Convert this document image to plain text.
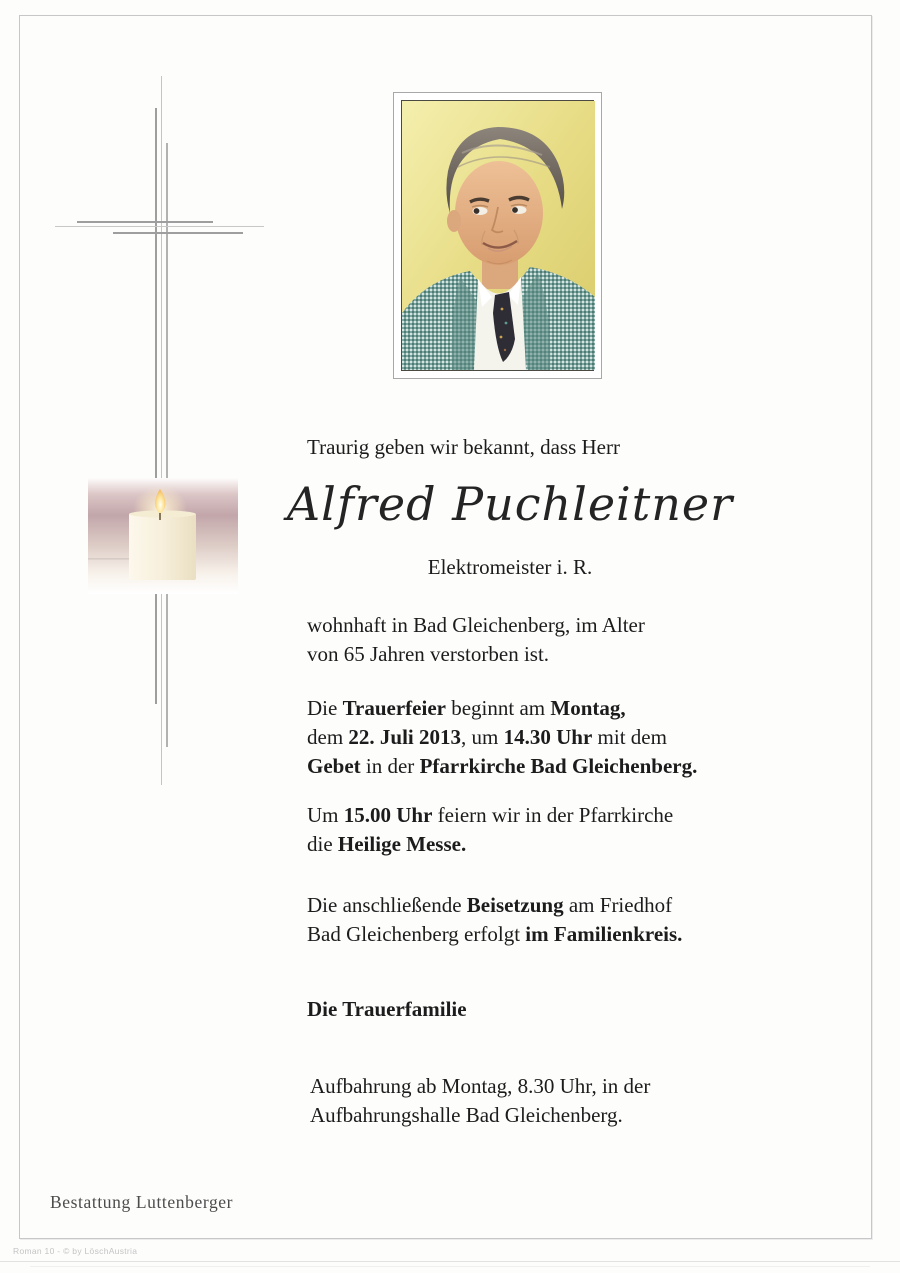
Traurig geben wir bekannt, dass Herr
Alfred Puchleitner
Elektromeister i. R.
wohnhaft in Bad Gleichenberg, im Alter
von 65 Jahren verstorben ist.
Die Trauerfeier beginnt am Montag,
dem 22. Juli 2013, um 14.30 Uhr mit dem
Gebet in der Pfarrkirche Bad Gleichenberg.
Um 15.00 Uhr feiern wir in der Pfarrkirche
die Heilige Messe.
Die anschließende Beisetzung am Friedhof
Bad Gleichenberg erfolgt im Familienkreis.
Die Trauerfamilie
Aufbahrung ab Montag, 8.30 Uhr, in der
Aufbahrungshalle Bad Gleichenberg.
Bestattung Luttenberger
Roman 10 - © by LöschAustria
